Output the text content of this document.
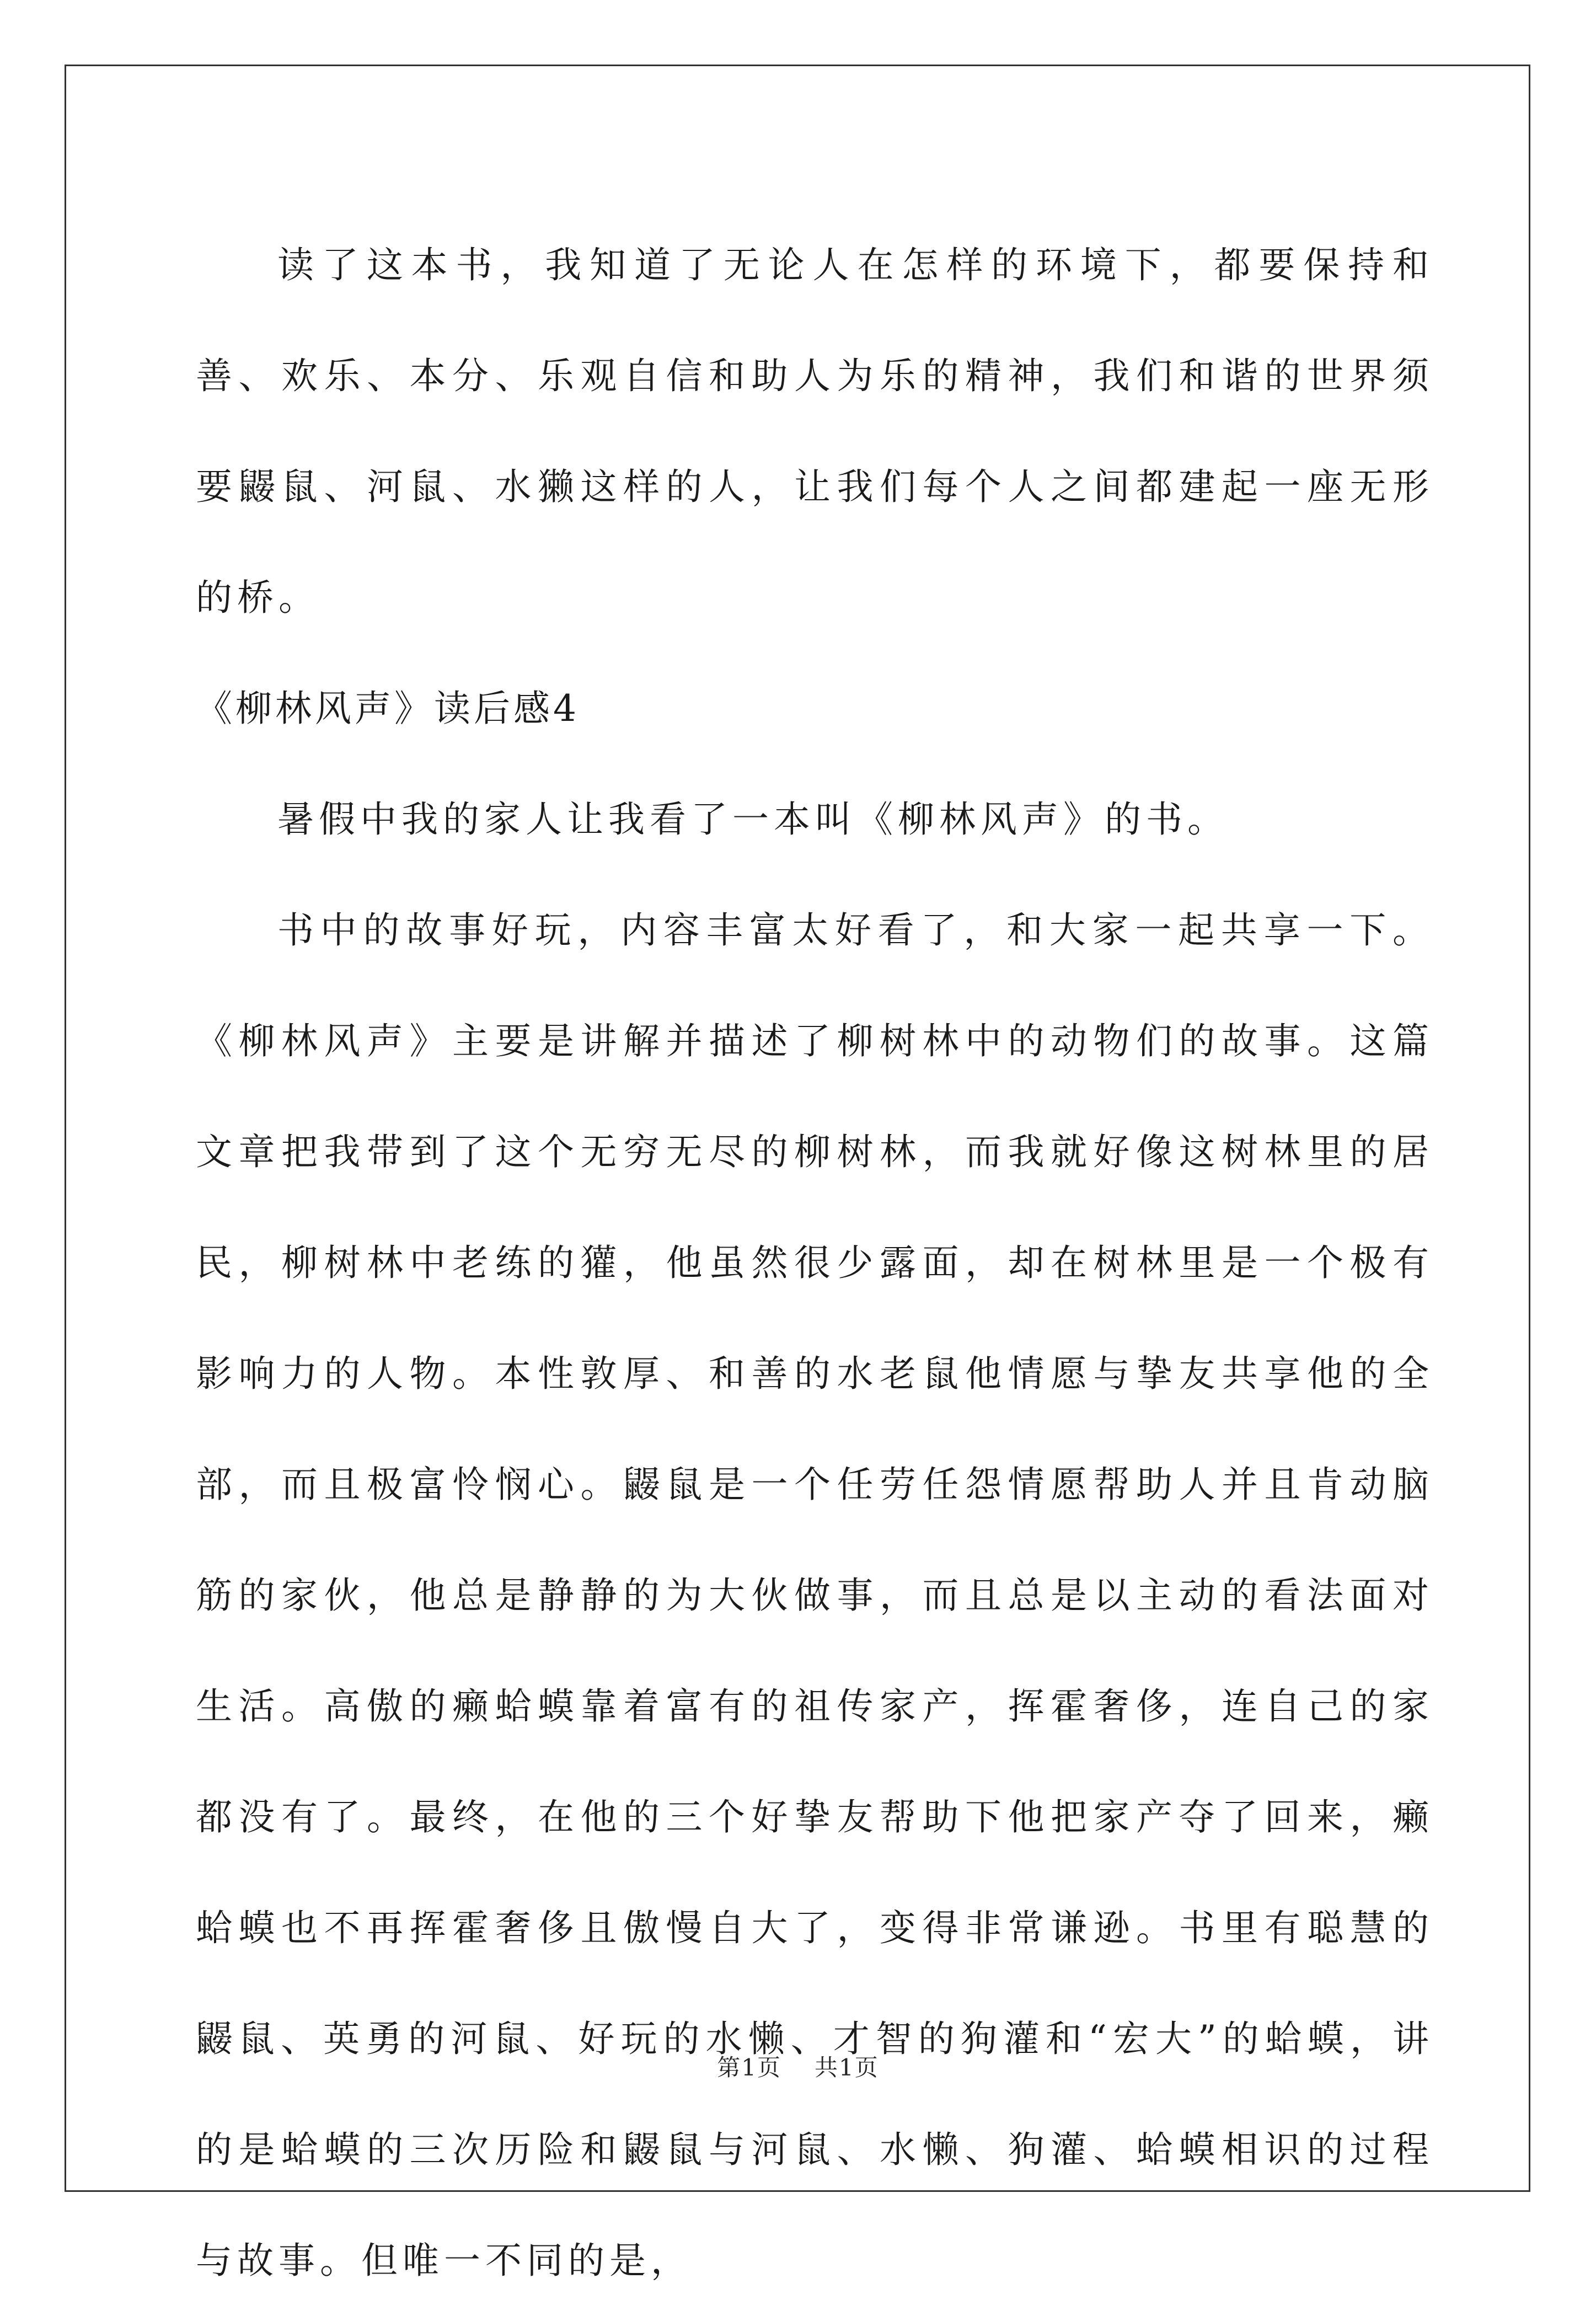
读了这本书，我知道了无论人在怎样的环境下，都要保持和善、欢乐、本分、乐观自信和助人为乐的精神，我们和谐的世界须要鼹鼠、河鼠、水獭这样的人，让我们每个人之间都建起一座无形的桥。

《柳林风声》读后感4

暑假中我的家人让我看了一本叫《柳林风声》的书。

书中的故事好玩，内容丰富太好看了，和大家一起共享一下。《柳林风声》主要是讲解并描述了柳树林中的动物们的故事。这篇文章把我带到了这个无穷无尽的柳树林，而我就好像这树林里的居民，柳树林中老练的獾，他虽然很少露面，却在树林里是一个极有影响力的人物。本性敦厚、和善的水老鼠他情愿与挚友共享他的全部，而且极富怜悯心。鼹鼠是一个任劳任怨情愿帮助人并且肯动脑筋的家伙，他总是静静的为大伙做事，而且总是以主动的看法面对生活。高傲的癞蛤蟆靠着富有的祖传家产，挥霍奢侈，连自己的家都没有了。最终，在他的三个好挚友帮助下他把家产夺了回来，癞蛤蟆也不再挥霍奢侈且傲慢自大了，变得非常谦逊。书里有聪慧的鼹鼠、英勇的河鼠、好玩的水懒、才智的狗灌和“宏大”的蛤蟆，讲的是蛤蟆的三次历险和鼹鼠与河鼠、水懒、狗灌、蛤蟆相识的过程与故事。但唯一不同的是，

第1页 共1页
